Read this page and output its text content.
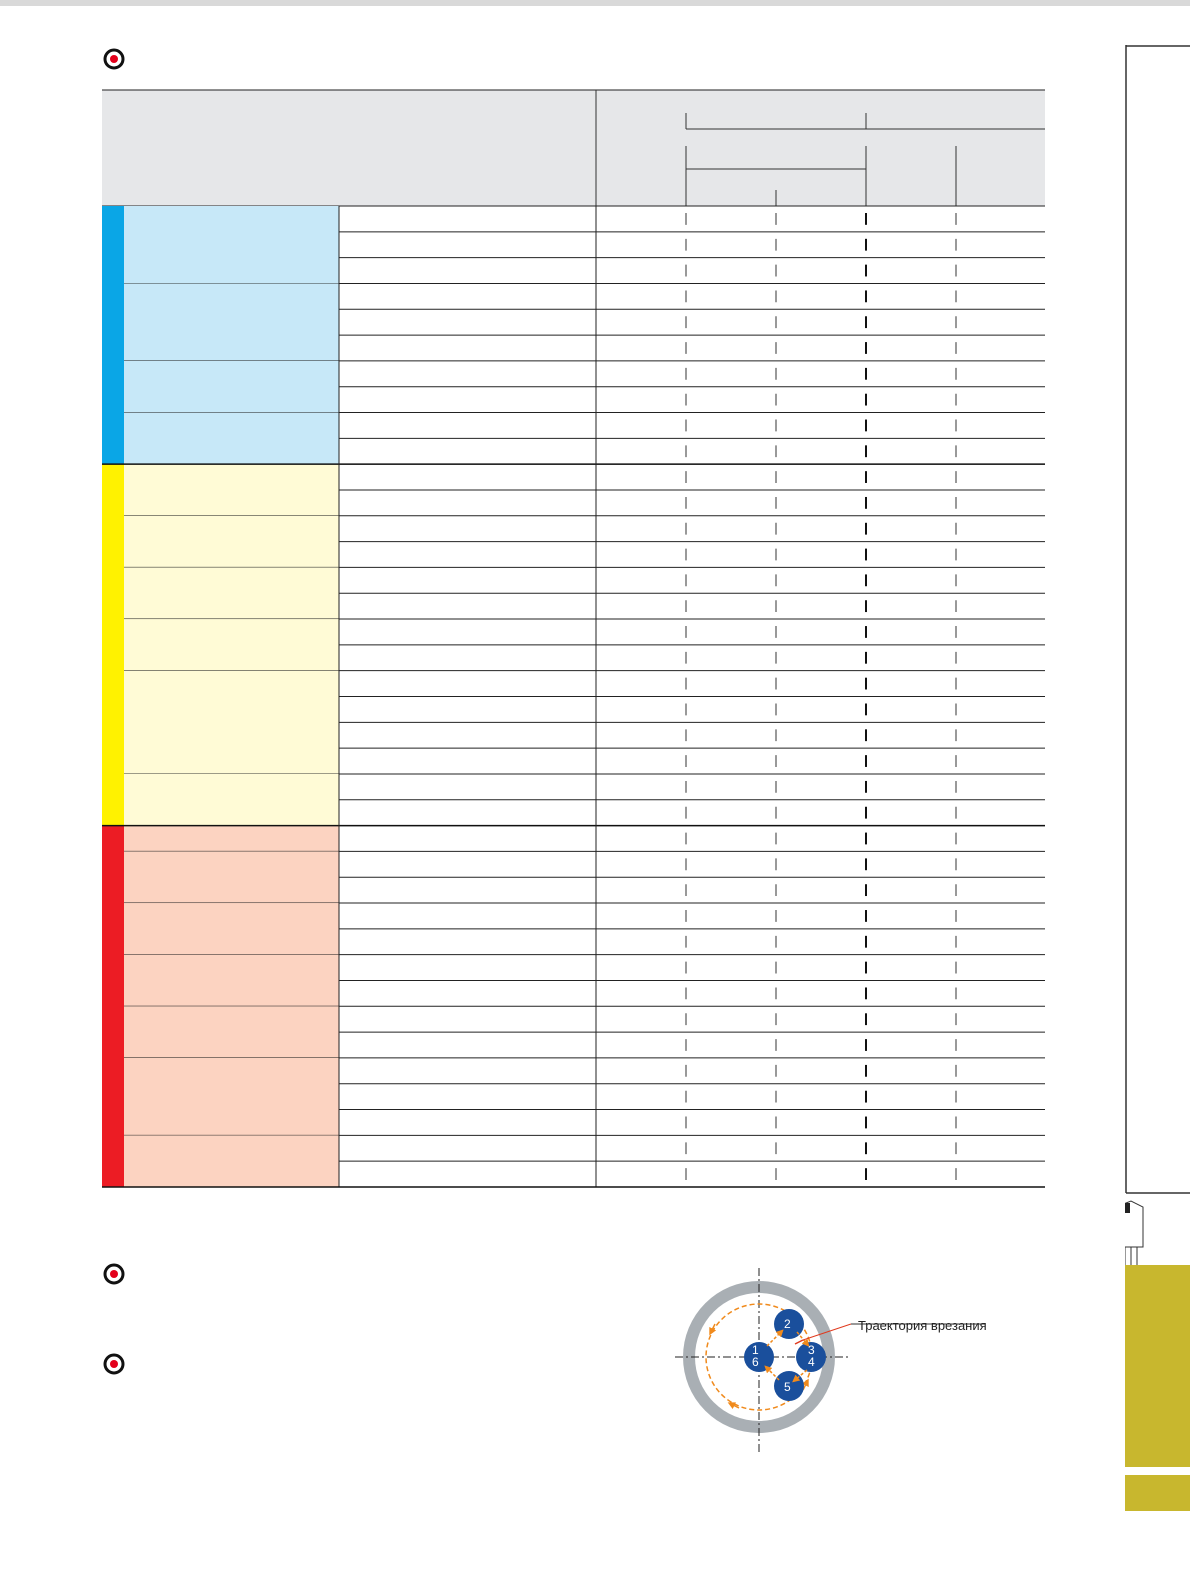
2
3
4
5
1
6
Траектория врезания
